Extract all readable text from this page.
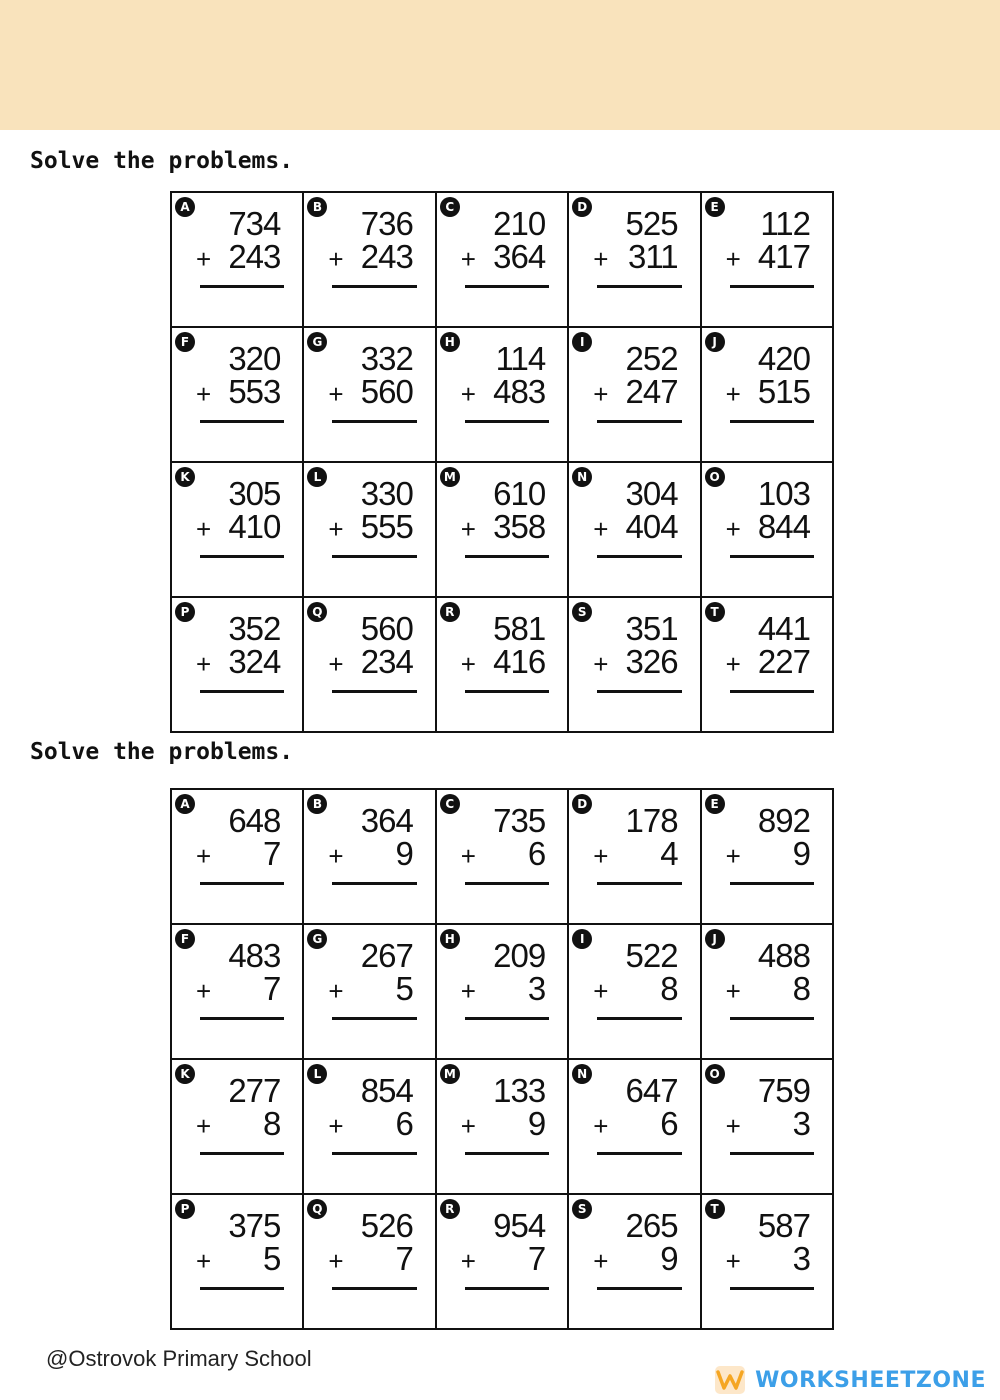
Solve the problems.
A 734
+ 243
B 736
+ 243
C 210
+ 364
D 525
+ 311
E 112
+ 417
F 320
+ 553
G 332
+ 560
H 114
+ 483
I 252
+ 247
J 420
+ 515
K 305
+ 410
L 330
+ 555
M 610
+ 358
N 304
+ 404
O 103
+ 844
P 352
+ 324
Q 560
+ 234
R 581
+ 416
S 351
+ 326
T 441
+ 227
Solve the problems.
A 648
+ 7
B 364
+ 9
C 735
+ 6
D 178
+ 4
E 892
+ 9
F 483
+ 7
G 267
+ 5
H 209
+ 3
I 522
+ 8
J 488
+ 8
K 277
+ 8
L 854
+ 6
M 133
+ 9
N 647
+ 6
O 759
+ 3
P 375
+ 5
Q 526
+ 7
R 954
+ 7
S 265
+ 9
T 587
+ 3
@Ostrovok Primary School
WORKSHEETZONE
